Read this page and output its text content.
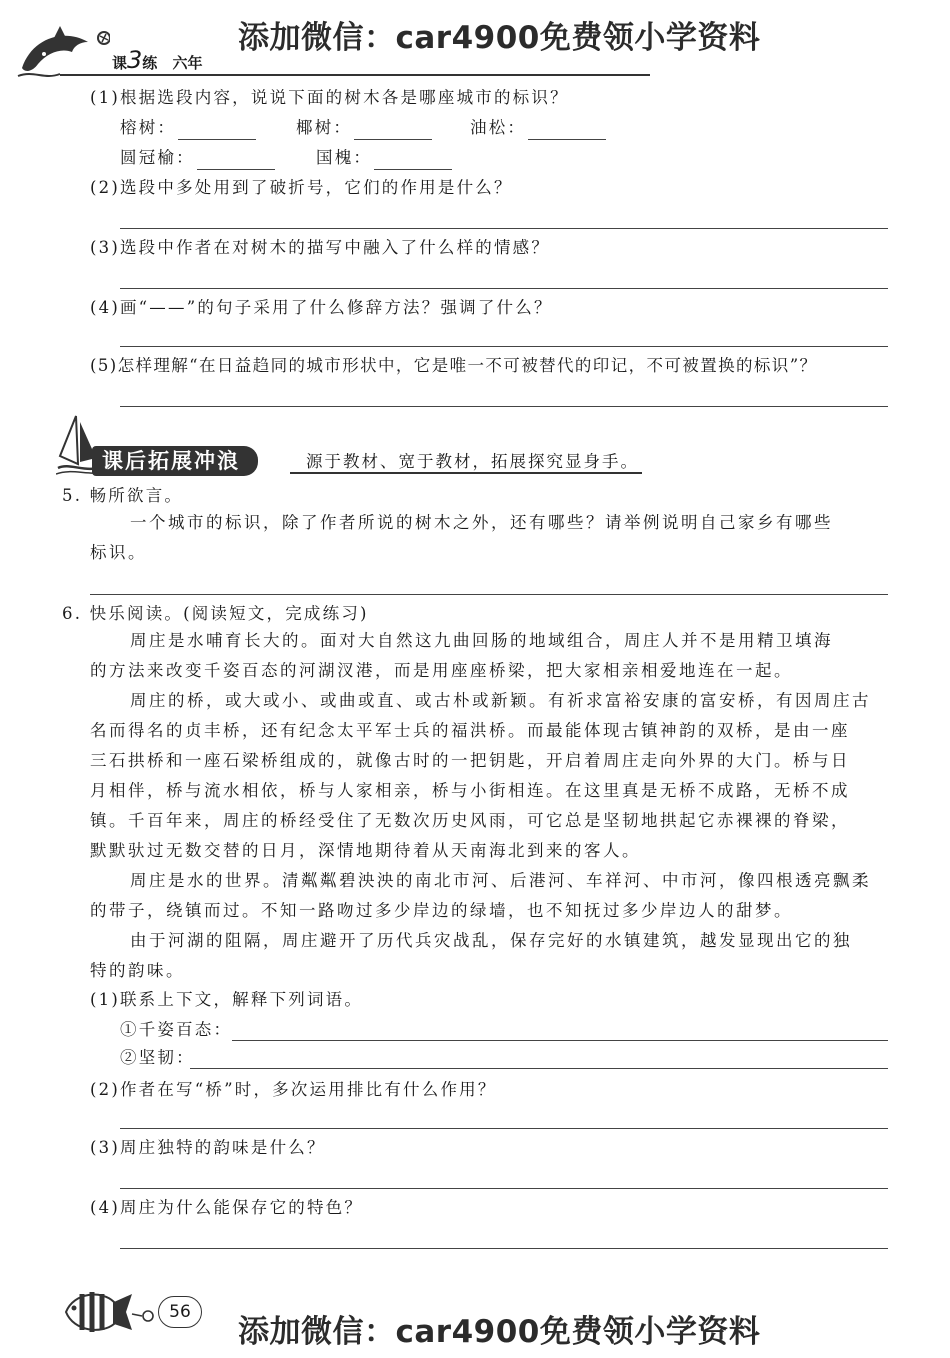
添加微信：car4900免费领小学资料
课3练 六年
(1)根据选段内容，说说下面的树木各是哪座城市的标识？
榕树：	椰树：	油松：
圆冠榆：	国槐：
(2)选段中多处用到了破折号，它们的作用是什么？
(3)选段中作者在对树木的描写中融入了什么样的情感？
(4)画“——”的句子采用了什么修辞方法？强调了什么？
(5)怎样理解“在日益趋同的城市形状中，它是唯一不可被替代的印记，不可被置换的标识”？
课后拓展冲浪	源于教材、宽于教材，拓展探究显身手。
5. 畅所欲言。
一个城市的标识，除了作者所说的树木之外，还有哪些？请举例说明自己家乡有哪些
标识。
6. 快乐阅读。(阅读短文，完成练习)
周庄是水哺育长大的。面对大自然这九曲回肠的地域组合，周庄人并不是用精卫填海
的方法来改变千姿百态的河湖汊港，而是用座座桥梁，把大家相亲相爱地连在一起。
周庄的桥，或大或小、或曲或直、或古朴或新颖。有祈求富裕安康的富安桥，有因周庄古
名而得名的贞丰桥，还有纪念太平军士兵的福洪桥。而最能体现古镇神韵的双桥，是由一座
三石拱桥和一座石梁桥组成的，就像古时的一把钥匙，开启着周庄走向外界的大门。桥与日
月相伴，桥与流水相依，桥与人家相亲，桥与小街相连。在这里真是无桥不成路，无桥不成
镇。千百年来，周庄的桥经受住了无数次历史风雨，可它总是坚韧地拱起它赤裸裸的脊梁，
默默驮过无数交替的日月，深情地期待着从天南海北到来的客人。
周庄是水的世界。清粼粼碧泱泱的南北市河、后港河、车祥河、中市河，像四根透亮飘柔
的带子，绕镇而过。不知一路吻过多少岸边的绿墙，也不知抚过多少岸边人的甜梦。
由于河湖的阻隔，周庄避开了历代兵灾战乱，保存完好的水镇建筑，越发显现出它的独
特的韵味。
(1)联系上下文，解释下列词语。
①千姿百态：
②坚韧：
(2)作者在写“桥”时，多次运用排比有什么作用？
(3)周庄独特的韵味是什么？
(4)周庄为什么能保存它的特色？
56
添加微信：car4900免费领小学资料
